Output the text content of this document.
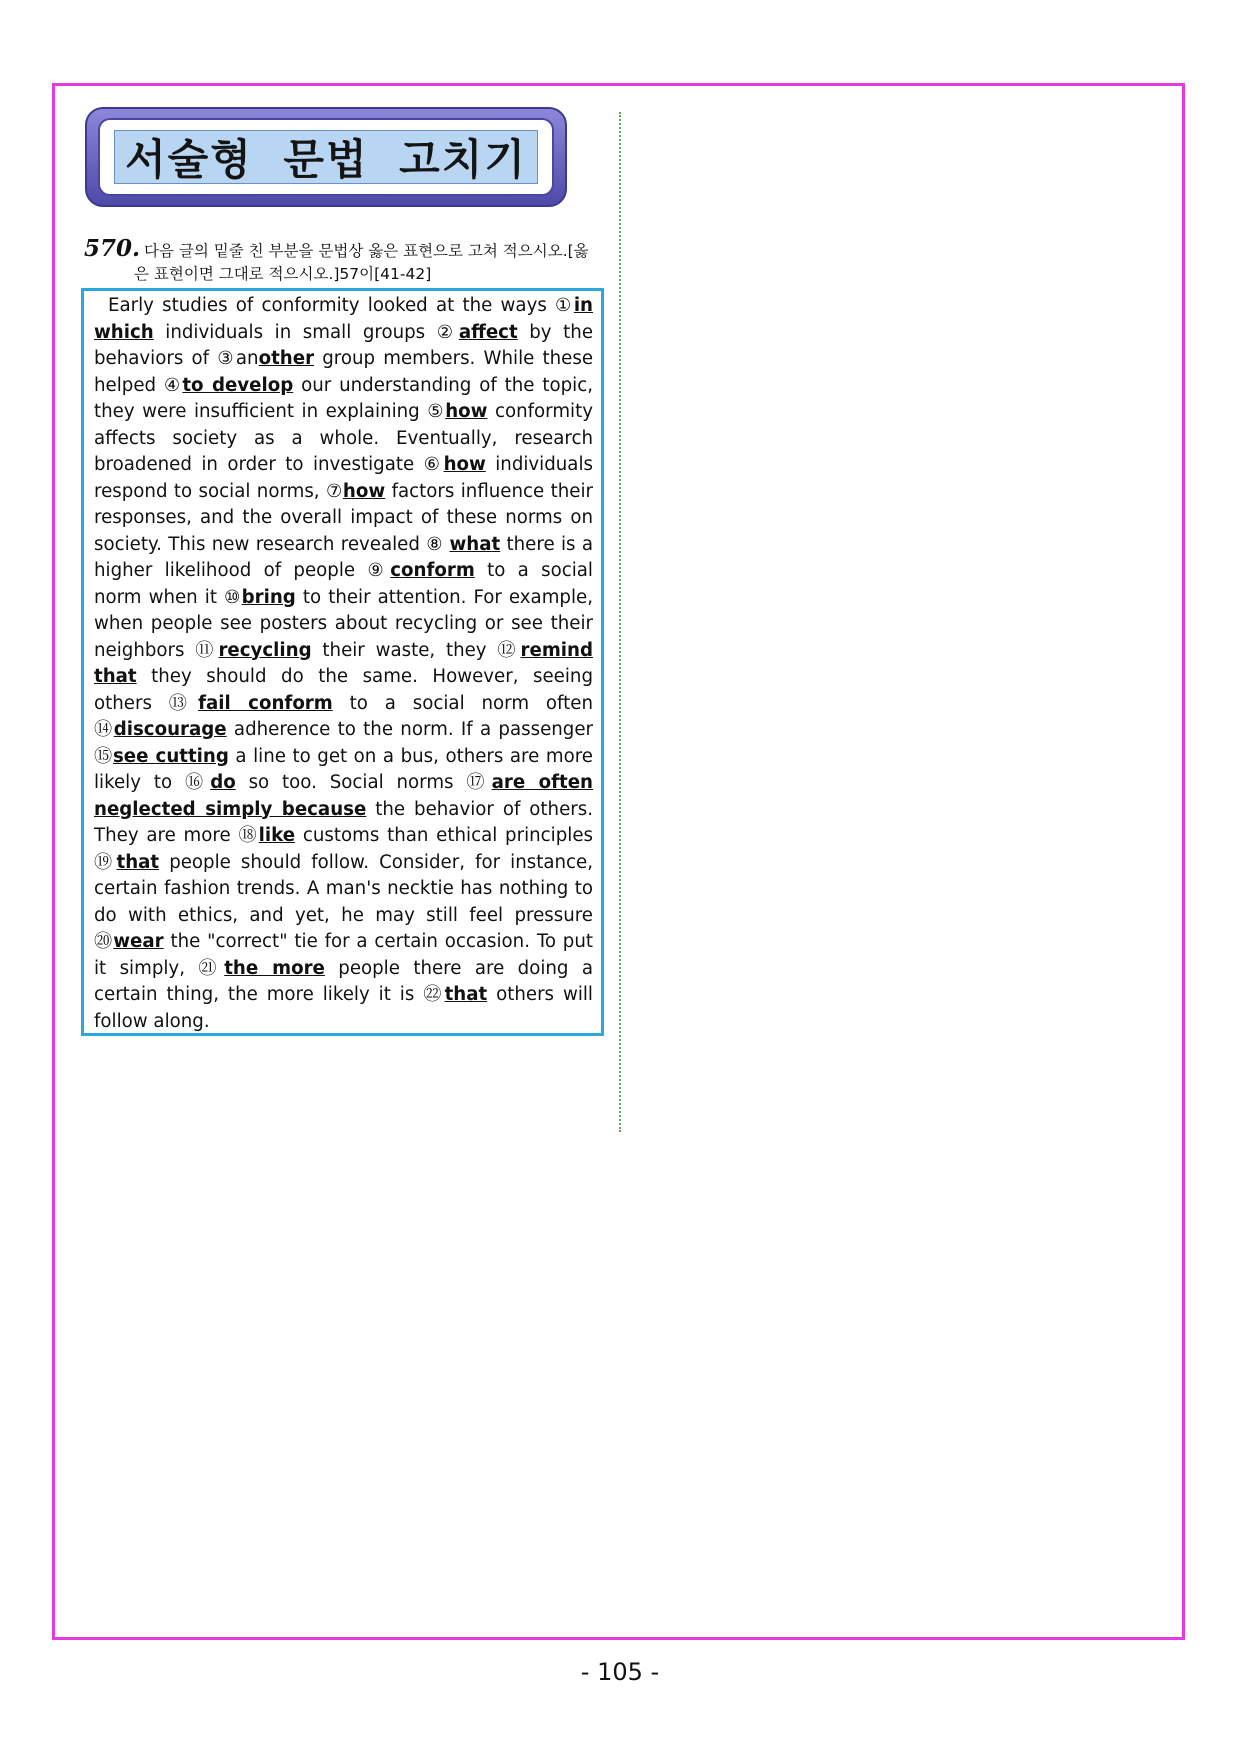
서술형 문법 고치기
570. 다음 글의 밑줄 친 부분을 문법상 옳은 표현으로 고쳐 적으시오.[옳
은 표현이면 그대로 적으시오.]57이[41-42]
Early studies of conformity looked at the ways ①in which individuals in small groups ②affect by the behaviors of ③another group members. While these helped ④to develop our understanding of the topic, they were insufficient in explaining ⑤how conformity affects society as a whole. Eventually, research broadened in order to investigate ⑥how individuals respond to social norms, ⑦how factors influence their responses, and the overall impact of these norms on society. This new research revealed ⑧ what there is a higher likelihood of people ⑨conform to a social norm when it ⑩bring to their attention. For example, when people see posters about recycling or see their neighbors ⑪recycling their waste, they ⑫remind that they should do the same. However, seeing others ⑬fail conform to a social norm often ⑭discourage adherence to the norm. If a passenger ⑮see cutting a line to get on a bus, others are more likely to ⑯do so too. Social norms ⑰are often neglected simply because the behavior of others. They are more ⑱like customs than ethical principles ⑲that people should follow. Consider, for instance, certain fashion trends. A man's necktie has nothing to do with ethics, and yet, he may still feel pressure ⑳wear the "correct" tie for a certain occasion. To put it simply, ㉑the more people there are doing a certain thing, the more likely it is ㉒that others will follow along.
- 105 -
